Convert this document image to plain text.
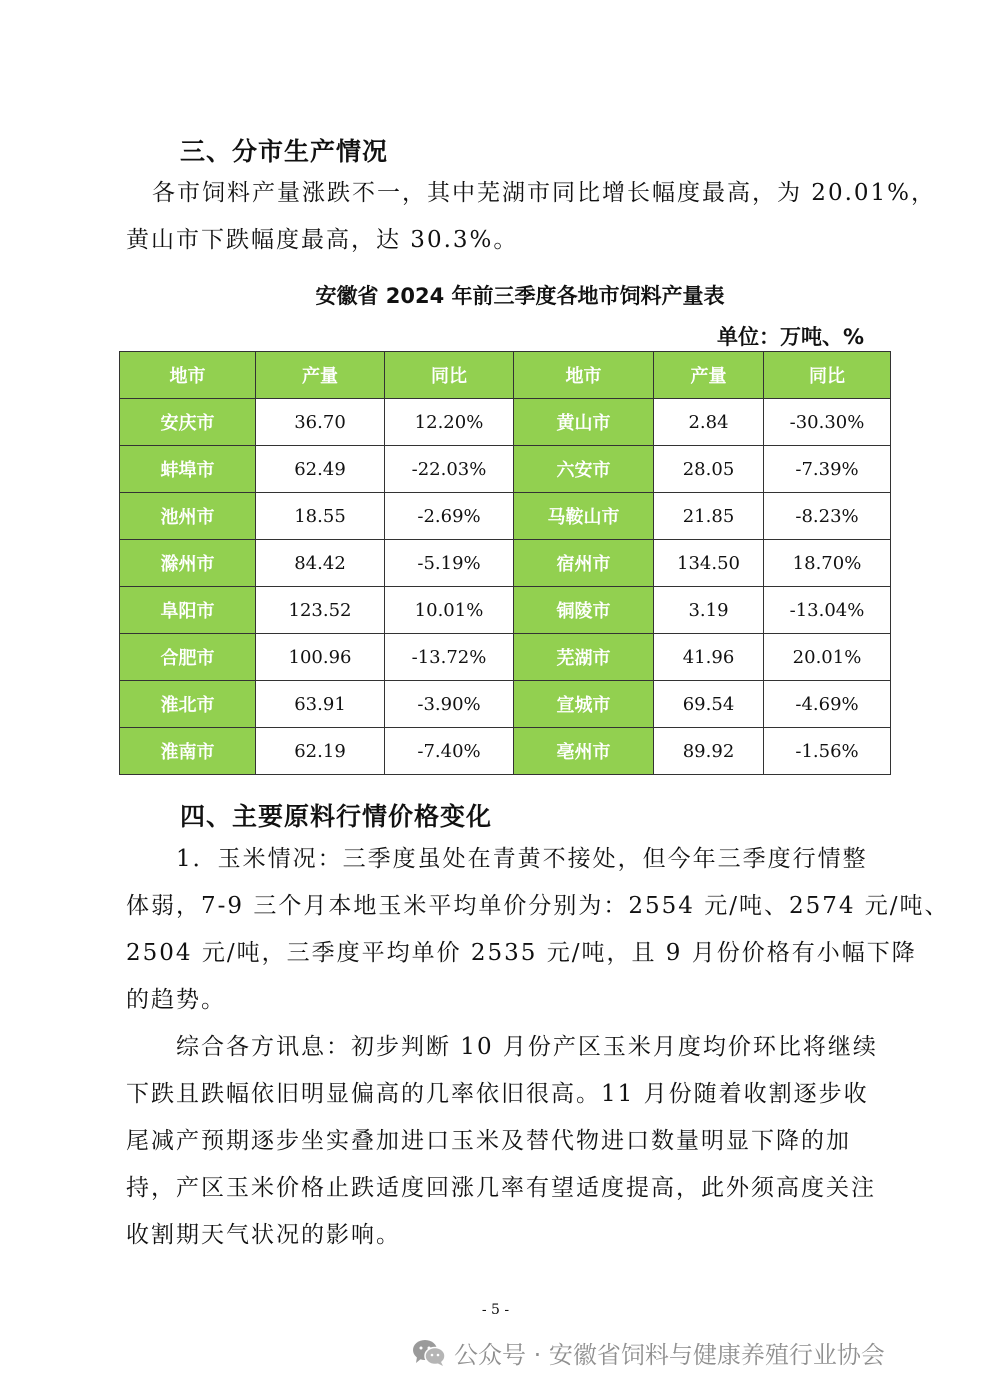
三、分市生产情况

各市饲料产量涨跌不一，其中芜湖市同比增长幅度最高，为 20.01%，
黄山市下跌幅度最高，达 30.3%。

安徽省 2024 年前三季度各地市饲料产量表
单位：万吨、%
地市	产量	同比	地市	产量	同比
安庆市	36.70	12.20%	黄山市	2.84	-30.30%
蚌埠市	62.49	-22.03%	六安市	28.05	-7.39%
池州市	18.55	-2.69%	马鞍山市	21.85	-8.23%
滁州市	84.42	-5.19%	宿州市	134.50	18.70%
阜阳市	123.52	10.01%	铜陵市	3.19	-13.04%
合肥市	100.96	-13.72%	芜湖市	41.96	20.01%
淮北市	63.91	-3.90%	宣城市	69.54	-4.69%
淮南市	62.19	-7.40%	亳州市	89.92	-1.56%
四、主要原料行情价格变化

1．玉米情况：三季度虽处在青黄不接处，但今年三季度行情整
体弱，7-9 三个月本地玉米平均单价分别为：2554 元/吨、2574 元/吨、
2504 元/吨，三季度平均单价 2535 元/吨，且 9 月份价格有小幅下降
的趋势。

综合各方讯息：初步判断 10 月份产区玉米月度均价环比将继续
下跌且跌幅依旧明显偏高的几率依旧很高。11 月份随着收割逐步收
尾减产预期逐步坐实叠加进口玉米及替代物进口数量明显下降的加
持，产区玉米价格止跌适度回涨几率有望适度提高，此外须高度关注
收割期天气状况的影响。

- 5 -
公众号 · 安徽省饲料与健康养殖行业协会
